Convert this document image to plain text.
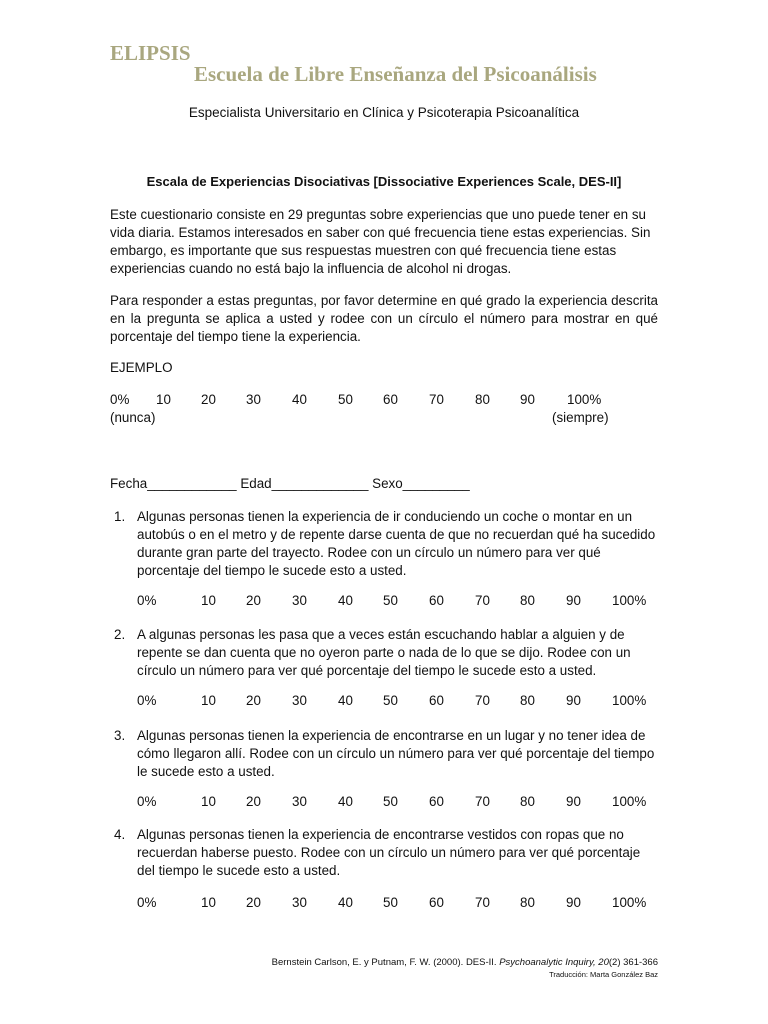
ELIPSIS
Escuela de Libre Enseñanza del Psicoanálisis
Especialista Universitario en Clínica y Psicoterapia Psicoanalítica
Escala de Experiencias Disociativas [Dissociative Experiences Scale, DES-II]
Este cuestionario consiste en 29 preguntas sobre experiencias que uno puede tener en su vida diaria. Estamos interesados en saber con qué frecuencia tiene estas experiencias. Sin embargo, es importante que sus respuestas muestren con qué frecuencia tiene estas experiencias cuando no está bajo la influencia de alcohol ni drogas.
Para responder a estas preguntas, por favor determine en qué grado la experiencia descrita en la pregunta se aplica a usted y rodee con un círculo el número para mostrar en qué porcentaje del tiempo tiene la experiencia.
EJEMPLO
0% 10 20 30 40 50 60 70 80 90 100%
(nunca)	(siempre)
Fecha____________ Edad_____________ Sexo_________
1. Algunas personas tienen la experiencia de ir conduciendo un coche o montar en un autobús o en el metro y de repente darse cuenta de que no recuerdan qué ha sucedido durante gran parte del trayecto. Rodee con un círculo un número para ver qué porcentaje del tiempo le sucede esto a usted.
0%	10 20 30 40 50 60 70 80 90 100%
2. A algunas personas les pasa que a veces están escuchando hablar a alguien y de repente se dan cuenta que no oyeron parte o nada de lo que se dijo. Rodee con un círculo un número para ver qué porcentaje del tiempo le sucede esto a usted.
0%	10 20 30 40 50 60 70 80 90 100%
3. Algunas personas tienen la experiencia de encontrarse en un lugar y no tener idea de cómo llegaron allí. Rodee con un círculo un número para ver qué porcentaje del tiempo le sucede esto a usted.
0%	10 20 30 40 50 60 70 80 90 100%
4. Algunas personas tienen la experiencia de encontrarse vestidos con ropas que no recuerdan haberse puesto. Rodee con un círculo un número para ver qué porcentaje del tiempo le sucede esto a usted.
0%	10 20 30 40 50 60 70 80 90 100%
Bernstein Carlson, E. y Putnam, F. W. (2000). DES-II. Psychoanalytic Inquiry, 20(2) 361-366
Traducción: Marta González Baz
